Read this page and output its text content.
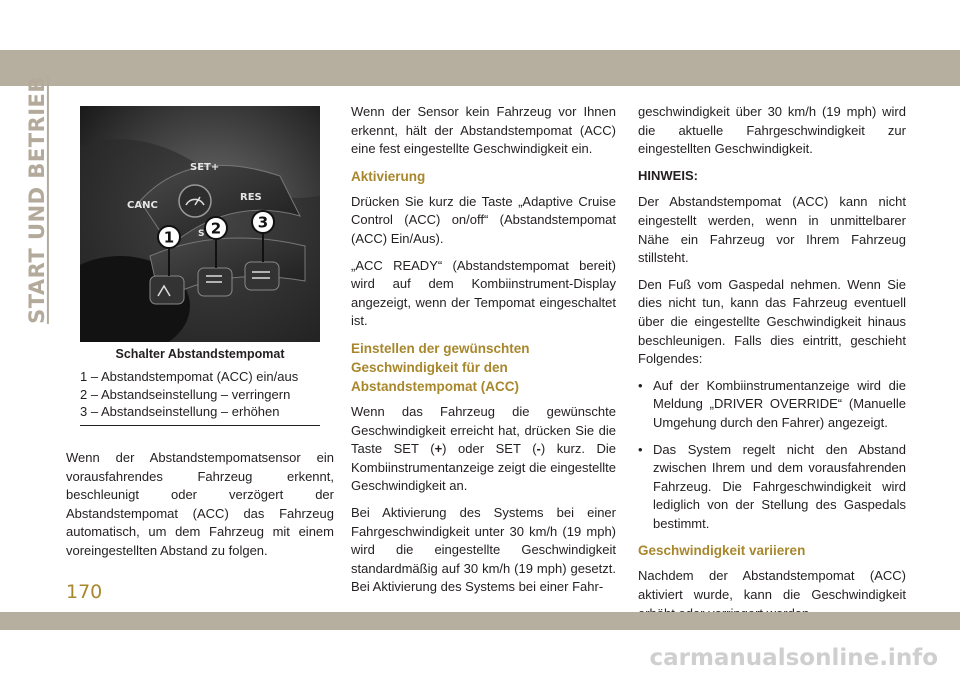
START UND BETRIEB	SET+
CANC
RES
S
1 2 3
Schalter Abstandstempomat
1 – Abstandstempomat (ACC) ein/aus
2 – Abstandseinstellung – verringern
3 – Abstandseinstellung – erhöhen

Wenn der Abstandstempomatsensor ein vorausfahrendes Fahrzeug erkennt, beschleunigt oder verzögert der Abstandstempomat (ACC) das Fahrzeug automatisch, um dem Fahrzeug mit einem voreingestellten Abstand zu folgen.

Wenn der Sensor kein Fahrzeug vor Ihnen erkennt, hält der Abstandstempomat (ACC) eine fest eingestellte Geschwindigkeit ein.

Aktivierung

Drücken Sie kurz die Taste „Adaptive Cruise Control (ACC) on/off“ (Abstandstempomat (ACC) Ein/Aus).

„ACC READY“ (Abstandstempomat bereit) wird auf dem Kombiinstrument-Display angezeigt, wenn der Tempomat eingeschaltet ist.

Einstellen der gewünschten Geschwindigkeit für den Abstandstempomat (ACC)

Wenn das Fahrzeug die gewünschte Geschwindigkeit erreicht hat, drücken Sie die Taste SET (+) oder SET (-) kurz. Die Kombiinstrumentanzeige zeigt die eingestellte Geschwindigkeit an.

Bei Aktivierung des Systems bei einer Fahrgeschwindigkeit unter 30 km/h (19 mph) wird die eingestellte Geschwindigkeit standardmäßig auf 30 km/h (19 mph) gesetzt. Bei Aktivierung des Systems bei einer Fahr-

geschwindigkeit über 30 km/h (19 mph) wird die aktuelle Fahrgeschwindigkeit zur eingestellten Geschwindigkeit.

HINWEIS:

Der Abstandstempomat (ACC) kann nicht eingestellt werden, wenn in unmittelbarer Nähe ein Fahrzeug vor Ihrem Fahrzeug stillsteht.

Den Fuß vom Gaspedal nehmen. Wenn Sie dies nicht tun, kann das Fahrzeug eventuell über die eingestellte Geschwindigkeit hinaus beschleunigen. Falls dies eintritt, geschieht Folgendes:

• Auf der Kombiinstrumentanzeige wird die Meldung „DRIVER OVERRIDE“ (Manuelle Umgehung durch den Fahrer) angezeigt.

• Das System regelt nicht den Abstand zwischen Ihrem und dem vorausfahrenden Fahrzeug. Die Fahrgeschwindigkeit wird lediglich von der Stellung des Gaspedals bestimmt.

Geschwindigkeit variieren

Nachdem der Abstandstempomat (ACC) aktiviert wurde, kann die Geschwindigkeit

170
carmanualsonline.info
